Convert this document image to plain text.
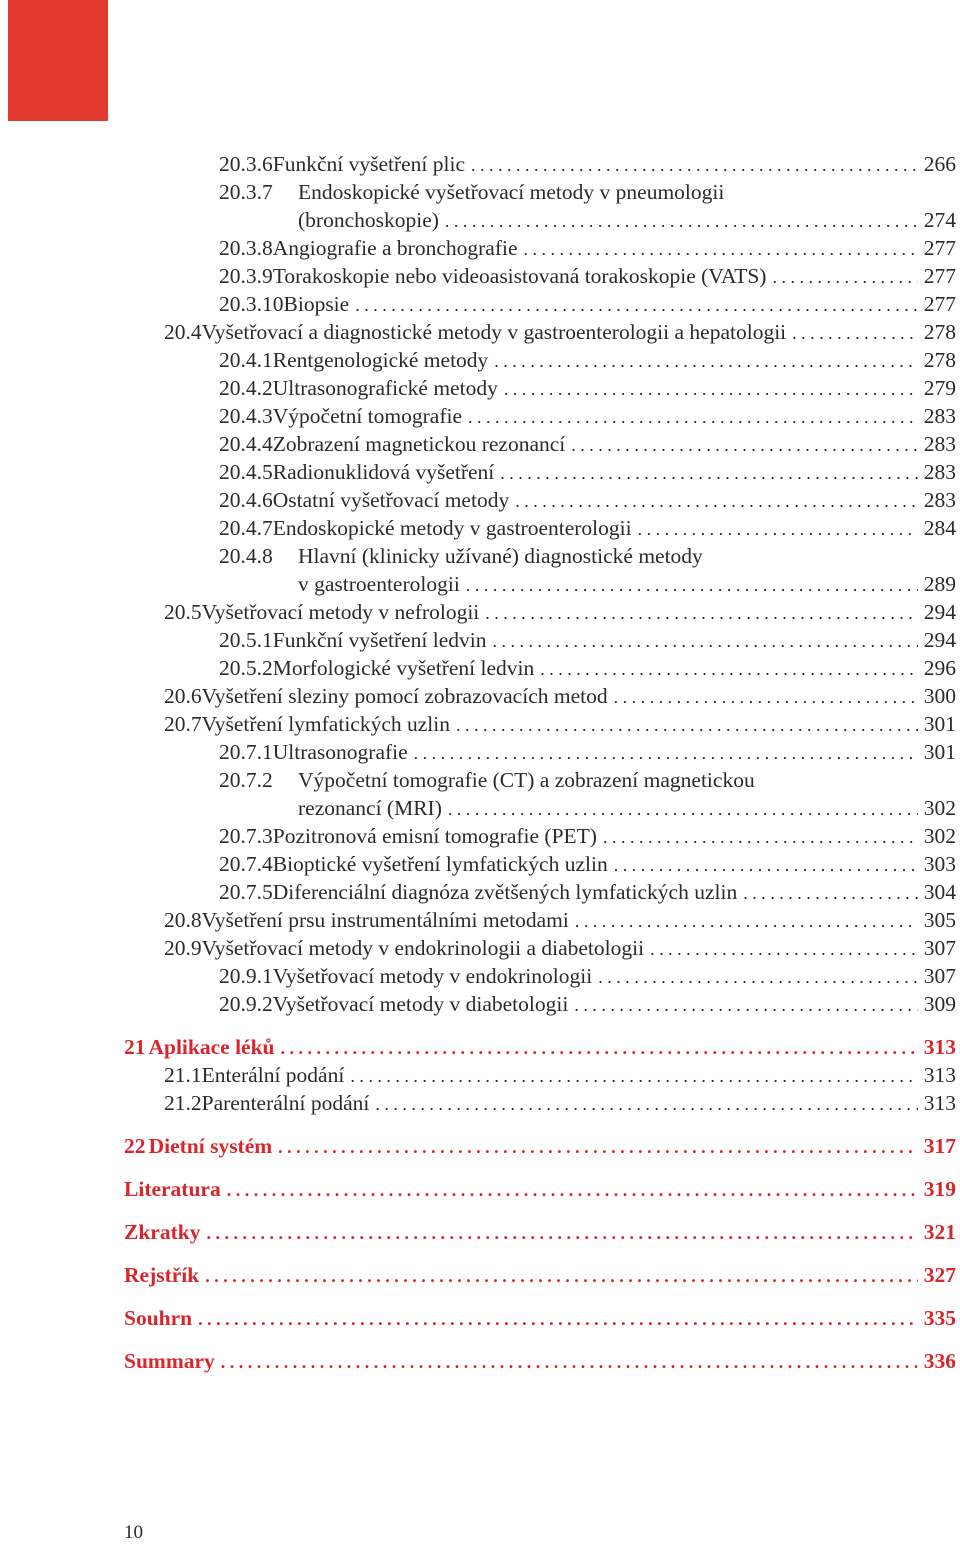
20.3.6 Funkční vyšetření plic . . .	266
20.3.7	Endoskopické vyšetřovací metody v pneumologii
(bronchoskopie) . . .	274
20.3.8 Angiografie a bronchografie . . .	277
20.3.9 Torakoskopie nebo videoasistovaná torakoskopie (VATS) . . .	277
20.3.10 Biopsie . . .	277
20.4 Vyšetřovací a diagnostické metody v gastroenterologii a hepatologii . . .	278
20.4.1 Rentgenologické metody . . .	278
20.4.2 Ultrasonografické metody . . .	279
20.4.3 Výpočetní tomografie . . .	283
20.4.4 Zobrazení magnetickou rezonancí . . .	283
20.4.5 Radionuklidová vyšetření . . .	283
20.4.6 Ostatní vyšetřovací metody . . .	283
20.4.7 Endoskopické metody v gastroenterologii . . .	284
20.4.8	Hlavní (klinicky užívané) diagnostické metody
v gastroenterologii . . .	289
20.5 Vyšetřovací metody v nefrologii . . .	294
20.5.1 Funkční vyšetření ledvin . . .	294
20.5.2 Morfologické vyšetření ledvin . . .	296
20.6 Vyšetření sleziny pomocí zobrazovacích metod . . .	300
20.7 Vyšetření lymfatických uzlin . . .	301
20.7.1 Ultrasonografie . . .	301
20.7.2	Výpočetní tomografie (CT) a zobrazení magnetickou
rezonancí (MRI) . . .	302
20.7.3 Pozitronová emisní tomografie (PET) . . .	302
20.7.4 Bioptické vyšetření lymfatických uzlin . . .	303
20.7.5 Diferenciální diagnóza zvětšených lymfatických uzlin . . .	304
20.8 Vyšetření prsu instrumentálními metodami . . .	305
20.9 Vyšetřovací metody v endokrinologii a diabetologii . . .	307
20.9.1 Vyšetřovací metody v endokrinologii . . .	307
20.9.2 Vyšetřovací metody v diabetologii . . .	309
21 Aplikace léků . . .	313
21.1 Enterální podání . . .	313
21.2 Parenterální podání . . .	313
22 Dietní systém . . .	317
Literatura . . .	319
Zkratky . . .	321
Rejstřík . . .	327
Souhrn . . .	335
Summary . . .	336
10
